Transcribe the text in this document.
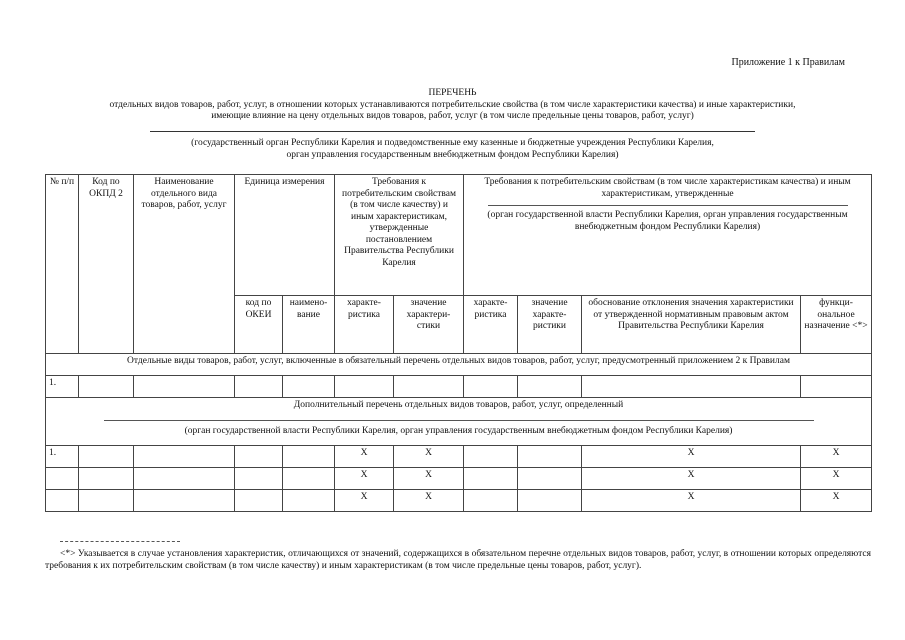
Приложение 1 к Правилам
ПЕРЕЧЕНЬ
отдельных видов товаров, работ, услуг, в отношении которых устанавливаются потребительские свойства (в том числе характеристики качества) и иные характеристики,
имеющие влияние на цену отдельных видов товаров, работ, услуг (в том числе предельные цены товаров, работ, услуг)
(государственный орган Республики Карелия и подведомственные ему казенные и бюджетные учреждения Республики Карелия,
орган управления государственным внебюджетным фондом Республики Карелия)
№ п/п	Код по ОКПД 2	Наименование отдельного вида товаров, работ, услуг	Единица измерения		Требования к потребительским свойствам (в том числе качеству) и иным характеристикам, утвержденные постановлением Правительства Республики Карелия		Требования к потребительским свойствам (в том числе характеристикам качества) и иным характеристикам, утвержденные
(орган государственной власти Республики Карелия, орган управления государственным внебюджетным фондом Республики Карелия)			

			код по ОКЕИ	наимено-вание	характе-ристика	значение характери-стики	характе-ристика	значение характе-ристики	обоснование отклонения значения характеристики от утвержденной нормативным правовым актом Правительства Республики Карелия	функци-ональное назначение <*>
Отдельные виды товаров, работ, услуг, включенные в обязательный перечень отдельных видов товаров, работ, услуг, предусмотренный приложением 2 к Правилам										
1.										

Дополнительный перечень отдельных видов товаров, работ, услуг, определенный
(орган государственной власти Республики Карелия, орган управления государственным внебюджетным фондом Республики Карелия)										

1.					X	X			X	X
					X	X			X	X
					X	X			X	X
<*> Указывается в случае установления характеристик, отличающихся от значений, содержащихся в обязательном перечне отдельных видов товаров, работ, услуг, в отношении которых определяются требования к их потребительским свойствам (в том числе качеству) и иным характеристикам (в том числе предельные цены товаров, работ, услуг).
